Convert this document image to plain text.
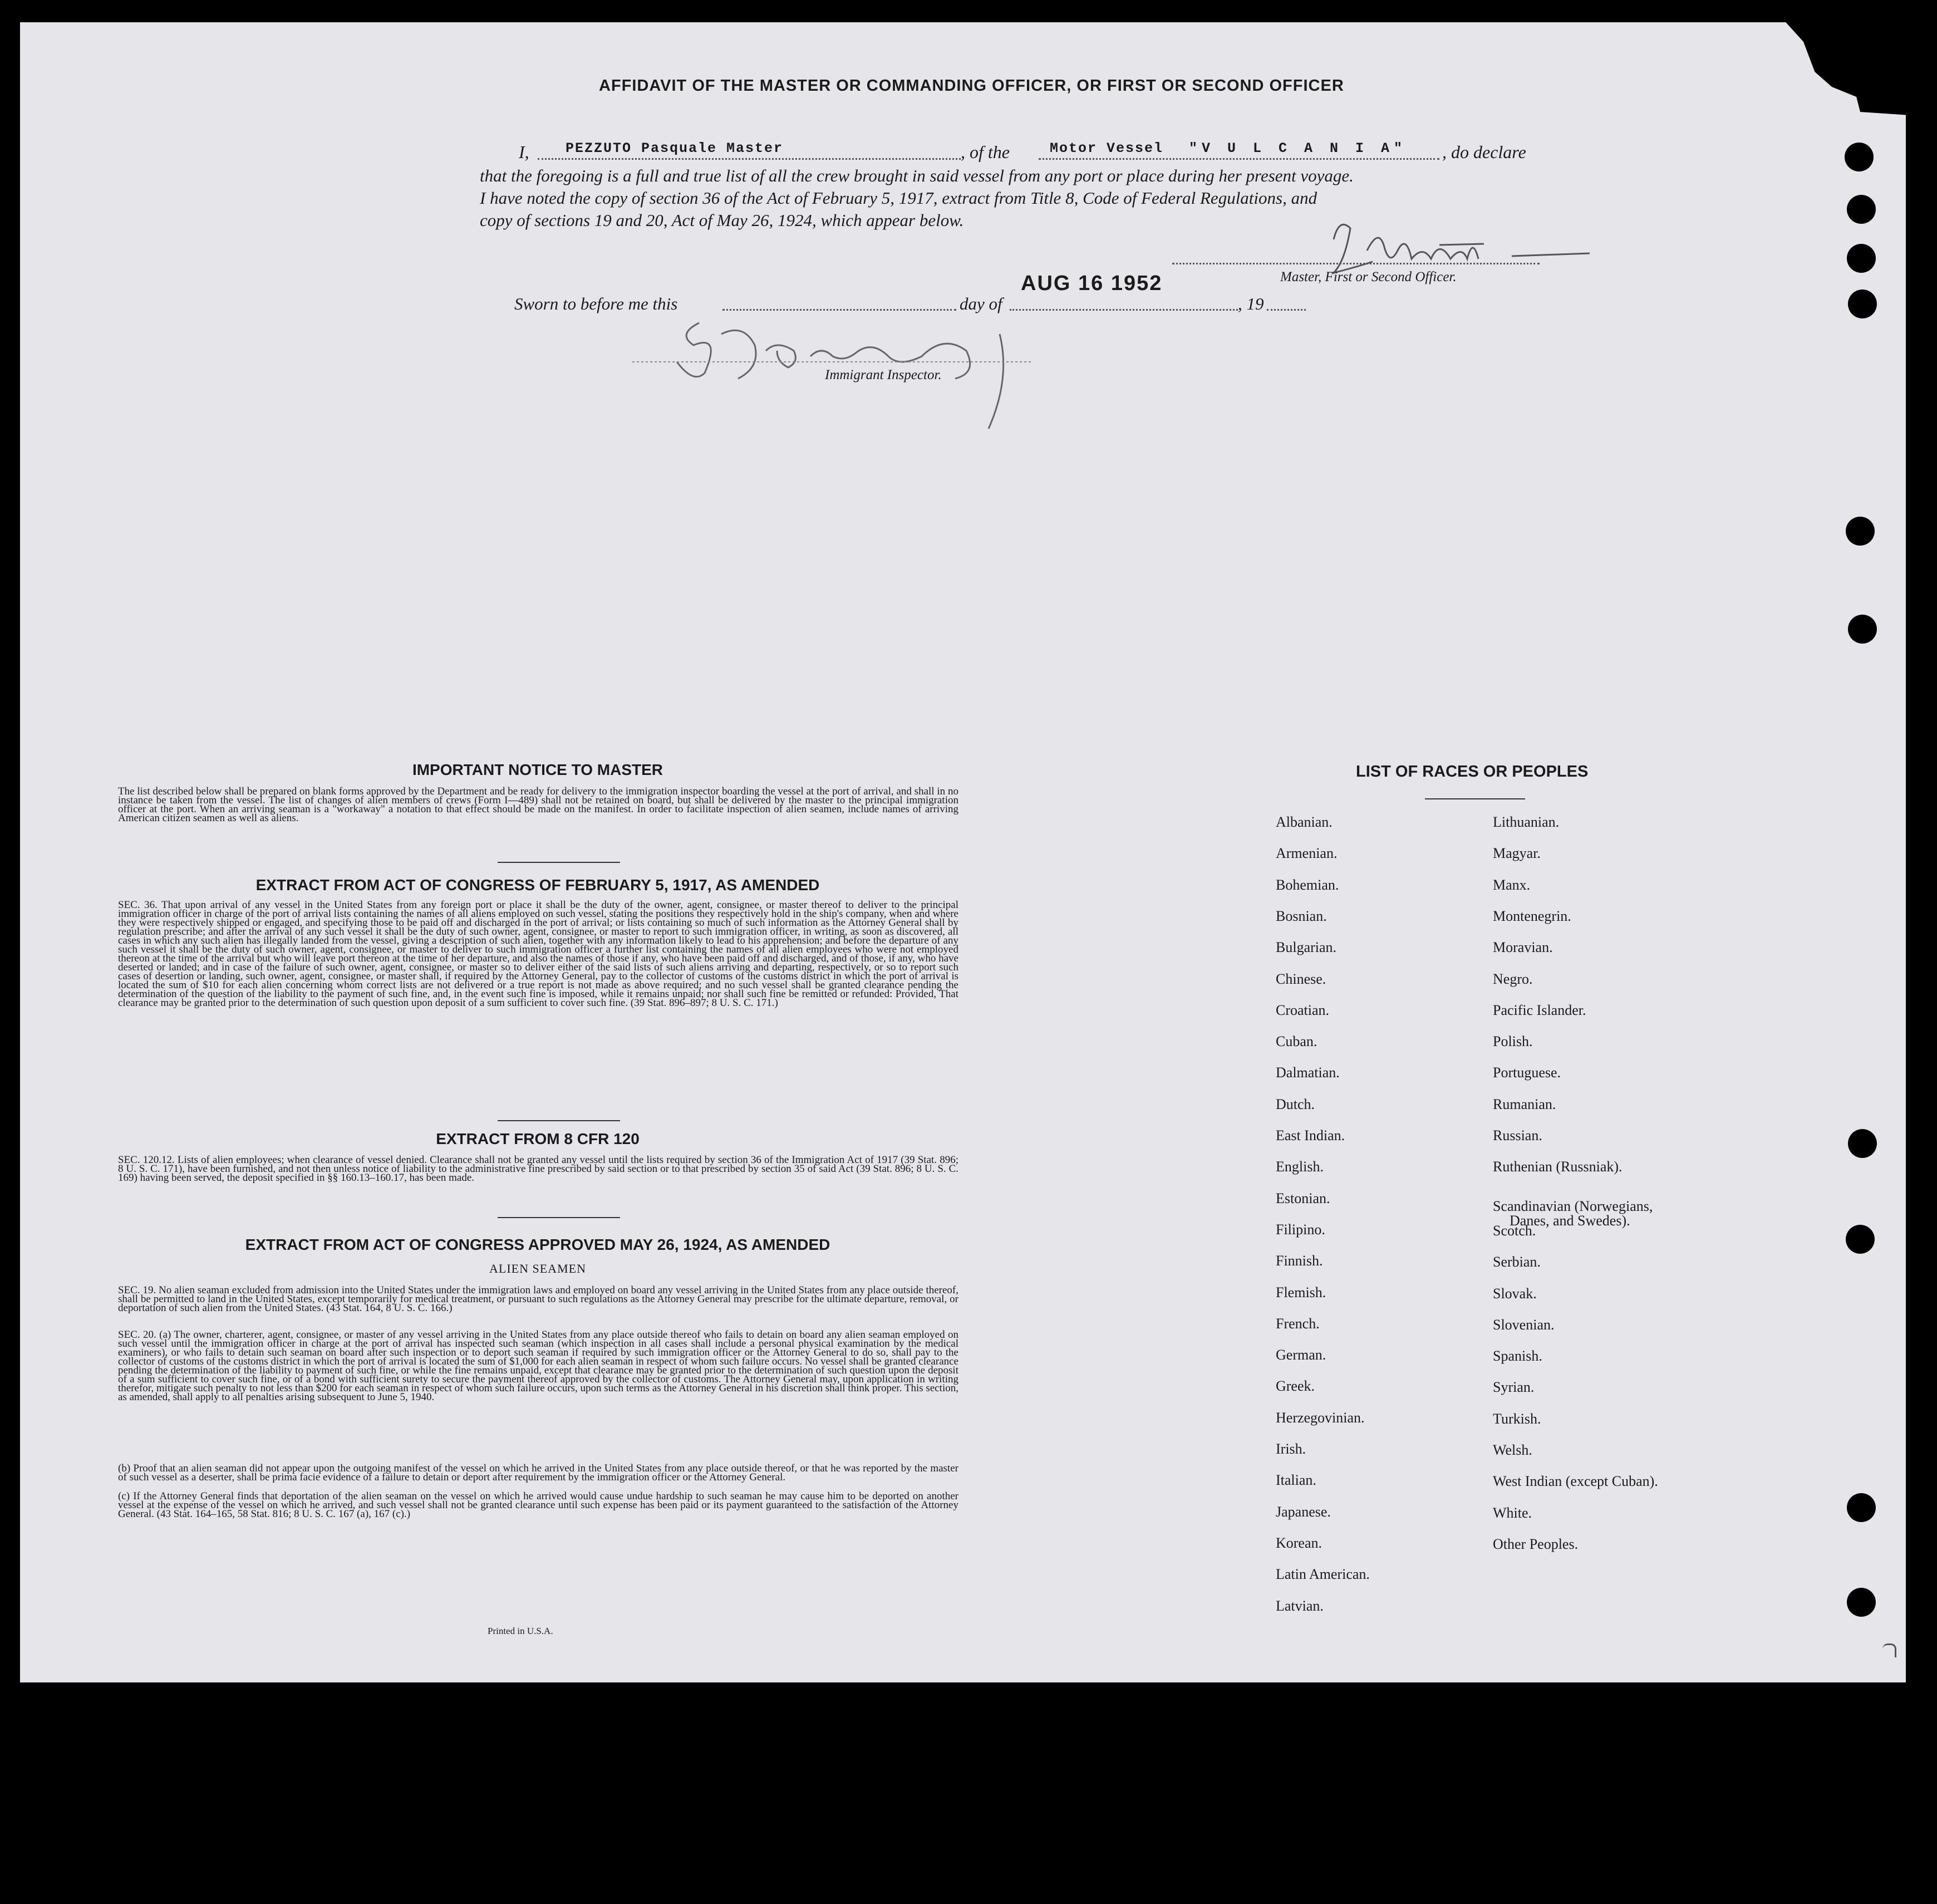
AFFIDAVIT OF THE MASTER OR COMMANDING OFFICER, OR FIRST OR SECOND OFFICER
I,	PEZZUTO Pasquale Master	, of the	Motor Vessel "V U L C A N I A" , do declare
that the foregoing is a full and true list of all the crew brought in said vessel from any port or place during her present voyage.
I have noted the copy of section 36 of the Act of February 5, 1917, extract from Title 8, Code of Federal Regulations, and
copy of sections 19 and 20, Act of May 26, 1924, which appear below.
Master, First or Second Officer.
Sworn to before me this	day of
AUG 16 1952
, 19
Immigrant Inspector.
IMPORTANT NOTICE TO MASTER
The list described below shall be prepared on blank forms approved by the Department and be ready for delivery to the immigration inspector boarding the vessel at the port of arrival, and shall in no instance be taken from the vessel. The list of changes of alien members of crews (Form I—489) shall not be retained on board, but shall be delivered by the master to the principal immigration officer at the port. When an arriving seaman is a "workaway" a notation to that effect should be made on the manifest. In order to facilitate inspection of alien seamen, include names of arriving American citizen seamen as well as aliens.
EXTRACT FROM ACT OF CONGRESS OF FEBRUARY 5, 1917, AS AMENDED
SEC. 36. That upon arrival of any vessel in the United States from any foreign port or place it shall be the duty of the owner, agent, consignee, or master thereof to deliver to the principal immigration officer in charge of the port of arrival lists containing the names of all aliens employed on such vessel, stating the positions they respectively hold in the ship's company, when and where they were respectively shipped or engaged, and specifying those to be paid off and discharged in the port of arrival; or lists containing so much of such information as the Attorney General shall by regulation prescribe; and after the arrival of any such vessel it shall be the duty of such owner, agent, consignee, or master to report to such immigration officer, in writing, as soon as discovered, all cases in which any such alien has illegally landed from the vessel, giving a description of such alien, together with any information likely to lead to his apprehension; and before the departure of any such vessel it shall be the duty of such owner, agent, consignee, or master to deliver to such immigration officer a further list containing the names of all alien employees who were not employed thereon at the time of the arrival but who will leave port thereon at the time of her departure, and also the names of those if any, who have been paid off and discharged, and of those, if any, who have deserted or landed; and in case of the failure of such owner, agent, consignee, or master so to deliver either of the said lists of such aliens arriving and departing, respectively, or so to report such cases of desertion or landing, such owner, agent, consignee, or master shall, if required by the Attorney General, pay to the collector of customs of the customs district in which the port of arrival is located the sum of $10 for each alien concerning whom correct lists are not delivered or a true report is not made as above required; and no such vessel shall be granted clearance pending the determination of the question of the liability to the payment of such fine, and, in the event such fine is imposed, while it remains unpaid; nor shall such fine be remitted or refunded: Provided, That clearance may be granted prior to the determination of such question upon deposit of a sum sufficient to cover such fine. (39 Stat. 896–897; 8 U. S. C. 171.)
EXTRACT FROM 8 CFR 120
SEC. 120.12. Lists of alien employees; when clearance of vessel denied. Clearance shall not be granted any vessel until the lists required by section 36 of the Immigration Act of 1917 (39 Stat. 896; 8 U. S. C. 171), have been furnished, and not then unless notice of liability to the administrative fine prescribed by said section or to that prescribed by section 35 of said Act (39 Stat. 896; 8 U. S. C. 169) having been served, the deposit specified in §§ 160.13–160.17, has been made.
EXTRACT FROM ACT OF CONGRESS APPROVED MAY 26, 1924, AS AMENDED
ALIEN SEAMEN
SEC. 19. No alien seaman excluded from admission into the United States under the immigration laws and employed on board any vessel arriving in the United States from any place outside thereof, shall be permitted to land in the United States, except temporarily for medical treatment, or pursuant to such regulations as the Attorney General may prescribe for the ultimate departure, removal, or deportation of such alien from the United States. (43 Stat. 164, 8 U. S. C. 166.)
SEC. 20. (a) The owner, charterer, agent, consignee, or master of any vessel arriving in the United States from any place outside thereof who fails to detain on board any alien seaman employed on such vessel until the immigration officer in charge at the port of arrival has inspected such seaman (which inspection in all cases shall include a personal physical examination by the medical examiners), or who fails to detain such seaman on board after such inspection or to deport such seaman if required by such immigration officer or the Attorney General to do so, shall pay to the collector of customs of the customs district in which the port of arrival is located the sum of $1,000 for each alien seaman in respect of whom such failure occurs. No vessel shall be granted clearance pending the determination of the liability to payment of such fine, or while the fine remains unpaid, except that clearance may be granted prior to the determination of such question upon the deposit of a sum sufficient to cover such fine, or of a bond with sufficient surety to secure the payment thereof approved by the collector of customs. The Attorney General may, upon application in writing therefor, mitigate such penalty to not less than $200 for each seaman in respect of whom such failure occurs, upon such terms as the Attorney General in his discretion shall think proper. This section, as amended, shall apply to all penalties arising subsequent to June 5, 1940.
(b) Proof that an alien seaman did not appear upon the outgoing manifest of the vessel on which he arrived in the United States from any place outside thereof, or that he was reported by the master of such vessel as a deserter, shall be prima facie evidence of a failure to detain or deport after requirement by the immigration officer or the Attorney General.
(c) If the Attorney General finds that deportation of the alien seaman on the vessel on which he arrived would cause undue hardship to such seaman he may cause him to be deported on another vessel at the expense of the vessel on which he arrived, and such vessel shall not be granted clearance until such expense has been paid or its payment guaranteed to the satisfaction of the Attorney General. (43 Stat. 164–165, 58 Stat. 816; 8 U. S. C. 167 (a), 167 (c).)
Printed in U.S.A.
LIST OF RACES OR PEOPLES
Albanian.
Armenian.
Bohemian.
Bosnian.
Bulgarian.
Chinese.
Croatian.
Cuban.
Dalmatian.
Dutch.
East Indian.
English.
Estonian.
Filipino.
Finnish.
Flemish.
French.
German.
Greek.
Herzegovinian.
Irish.
Italian.
Japanese.
Korean.
Latin American.
Latvian.
Lithuanian.
Magyar.
Manx.
Montenegrin.
Moravian.
Negro.
Pacific Islander.
Polish.
Portuguese.
Rumanian.
Russian.
Ruthenian (Russniak).
Scandinavian (Norwegians,
Danes, and Swedes).
Scotch.
Serbian.
Slovak.
Slovenian.
Spanish.
Syrian.
Turkish.
Welsh.
West Indian (except Cuban).
White.
Other Peoples.
